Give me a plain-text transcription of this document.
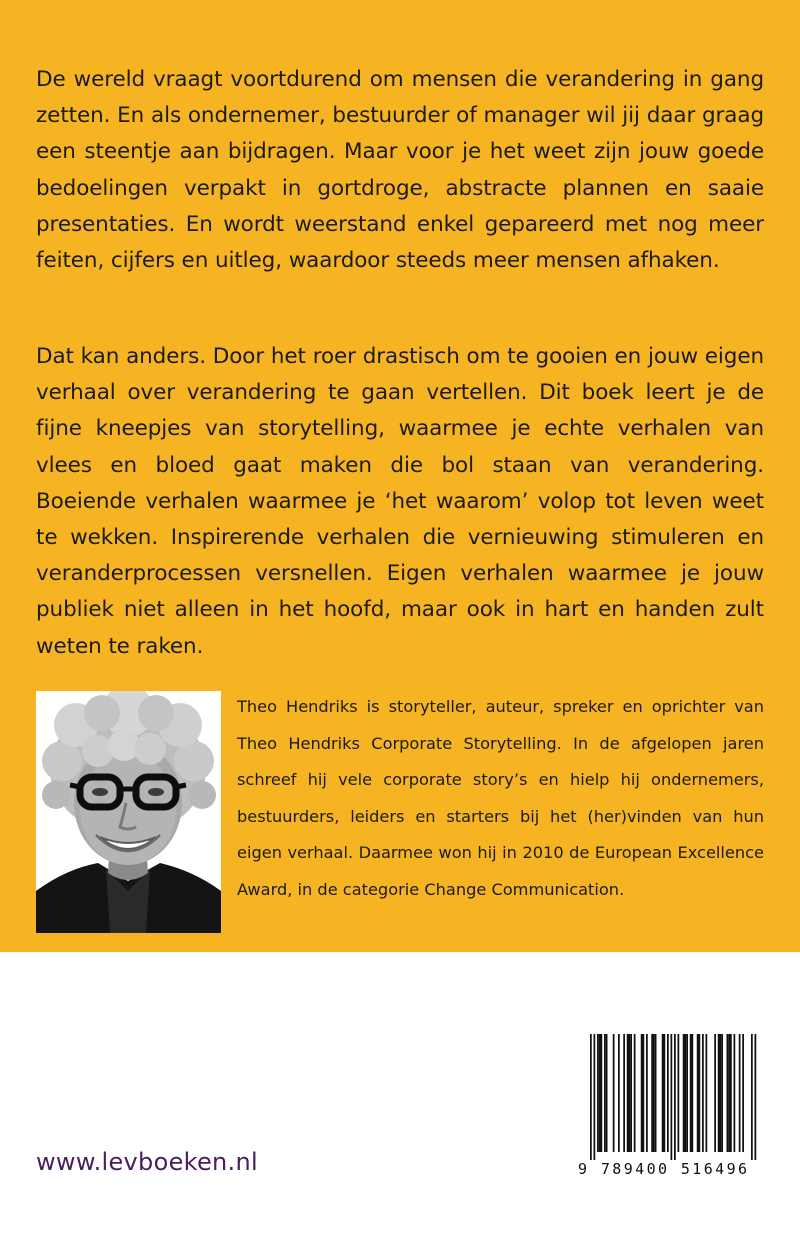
De wereld vraagt voortdurend om mensen die verandering in gang zetten. En als ondernemer, bestuurder of manager wil jij daar graag een steentje aan bijdragen. Maar voor je het weet zijn jouw goede bedoelingen verpakt in gortdroge, abstracte plannen en saaie presentaties. En wordt weerstand enkel gepareerd met nog meer feiten, cijfers en uitleg, waardoor steeds meer mensen afhaken.

Dat kan anders. Door het roer drastisch om te gooien en jouw eigen verhaal over verandering te gaan vertellen. Dit boek leert je de fijne kneepjes van storytelling, waarmee je echte verhalen van vlees en bloed gaat maken die bol staan van verandering. Boeiende verhalen waarmee je ‘het waarom’ volop tot leven weet te wekken. Inspirerende verhalen die vernieuwing stimuleren en veranderprocessen versnellen. Eigen verhalen waarmee je jouw publiek niet alleen in het hoofd, maar ook in hart en handen zult weten te raken.

Theo Hendriks is storyteller, auteur, spreker en oprichter van Theo Hendriks Corporate Storytelling. In de afgelopen jaren schreef hij vele corporate story’s en hielp hij ondernemers, bestuurders, leiders en starters bij het (her)vinden van hun eigen verhaal. Daarmee won hij in 2010 de European Excellence Award, in de categorie Change Communication.

www.levboeken.nl	9 789400 516496
